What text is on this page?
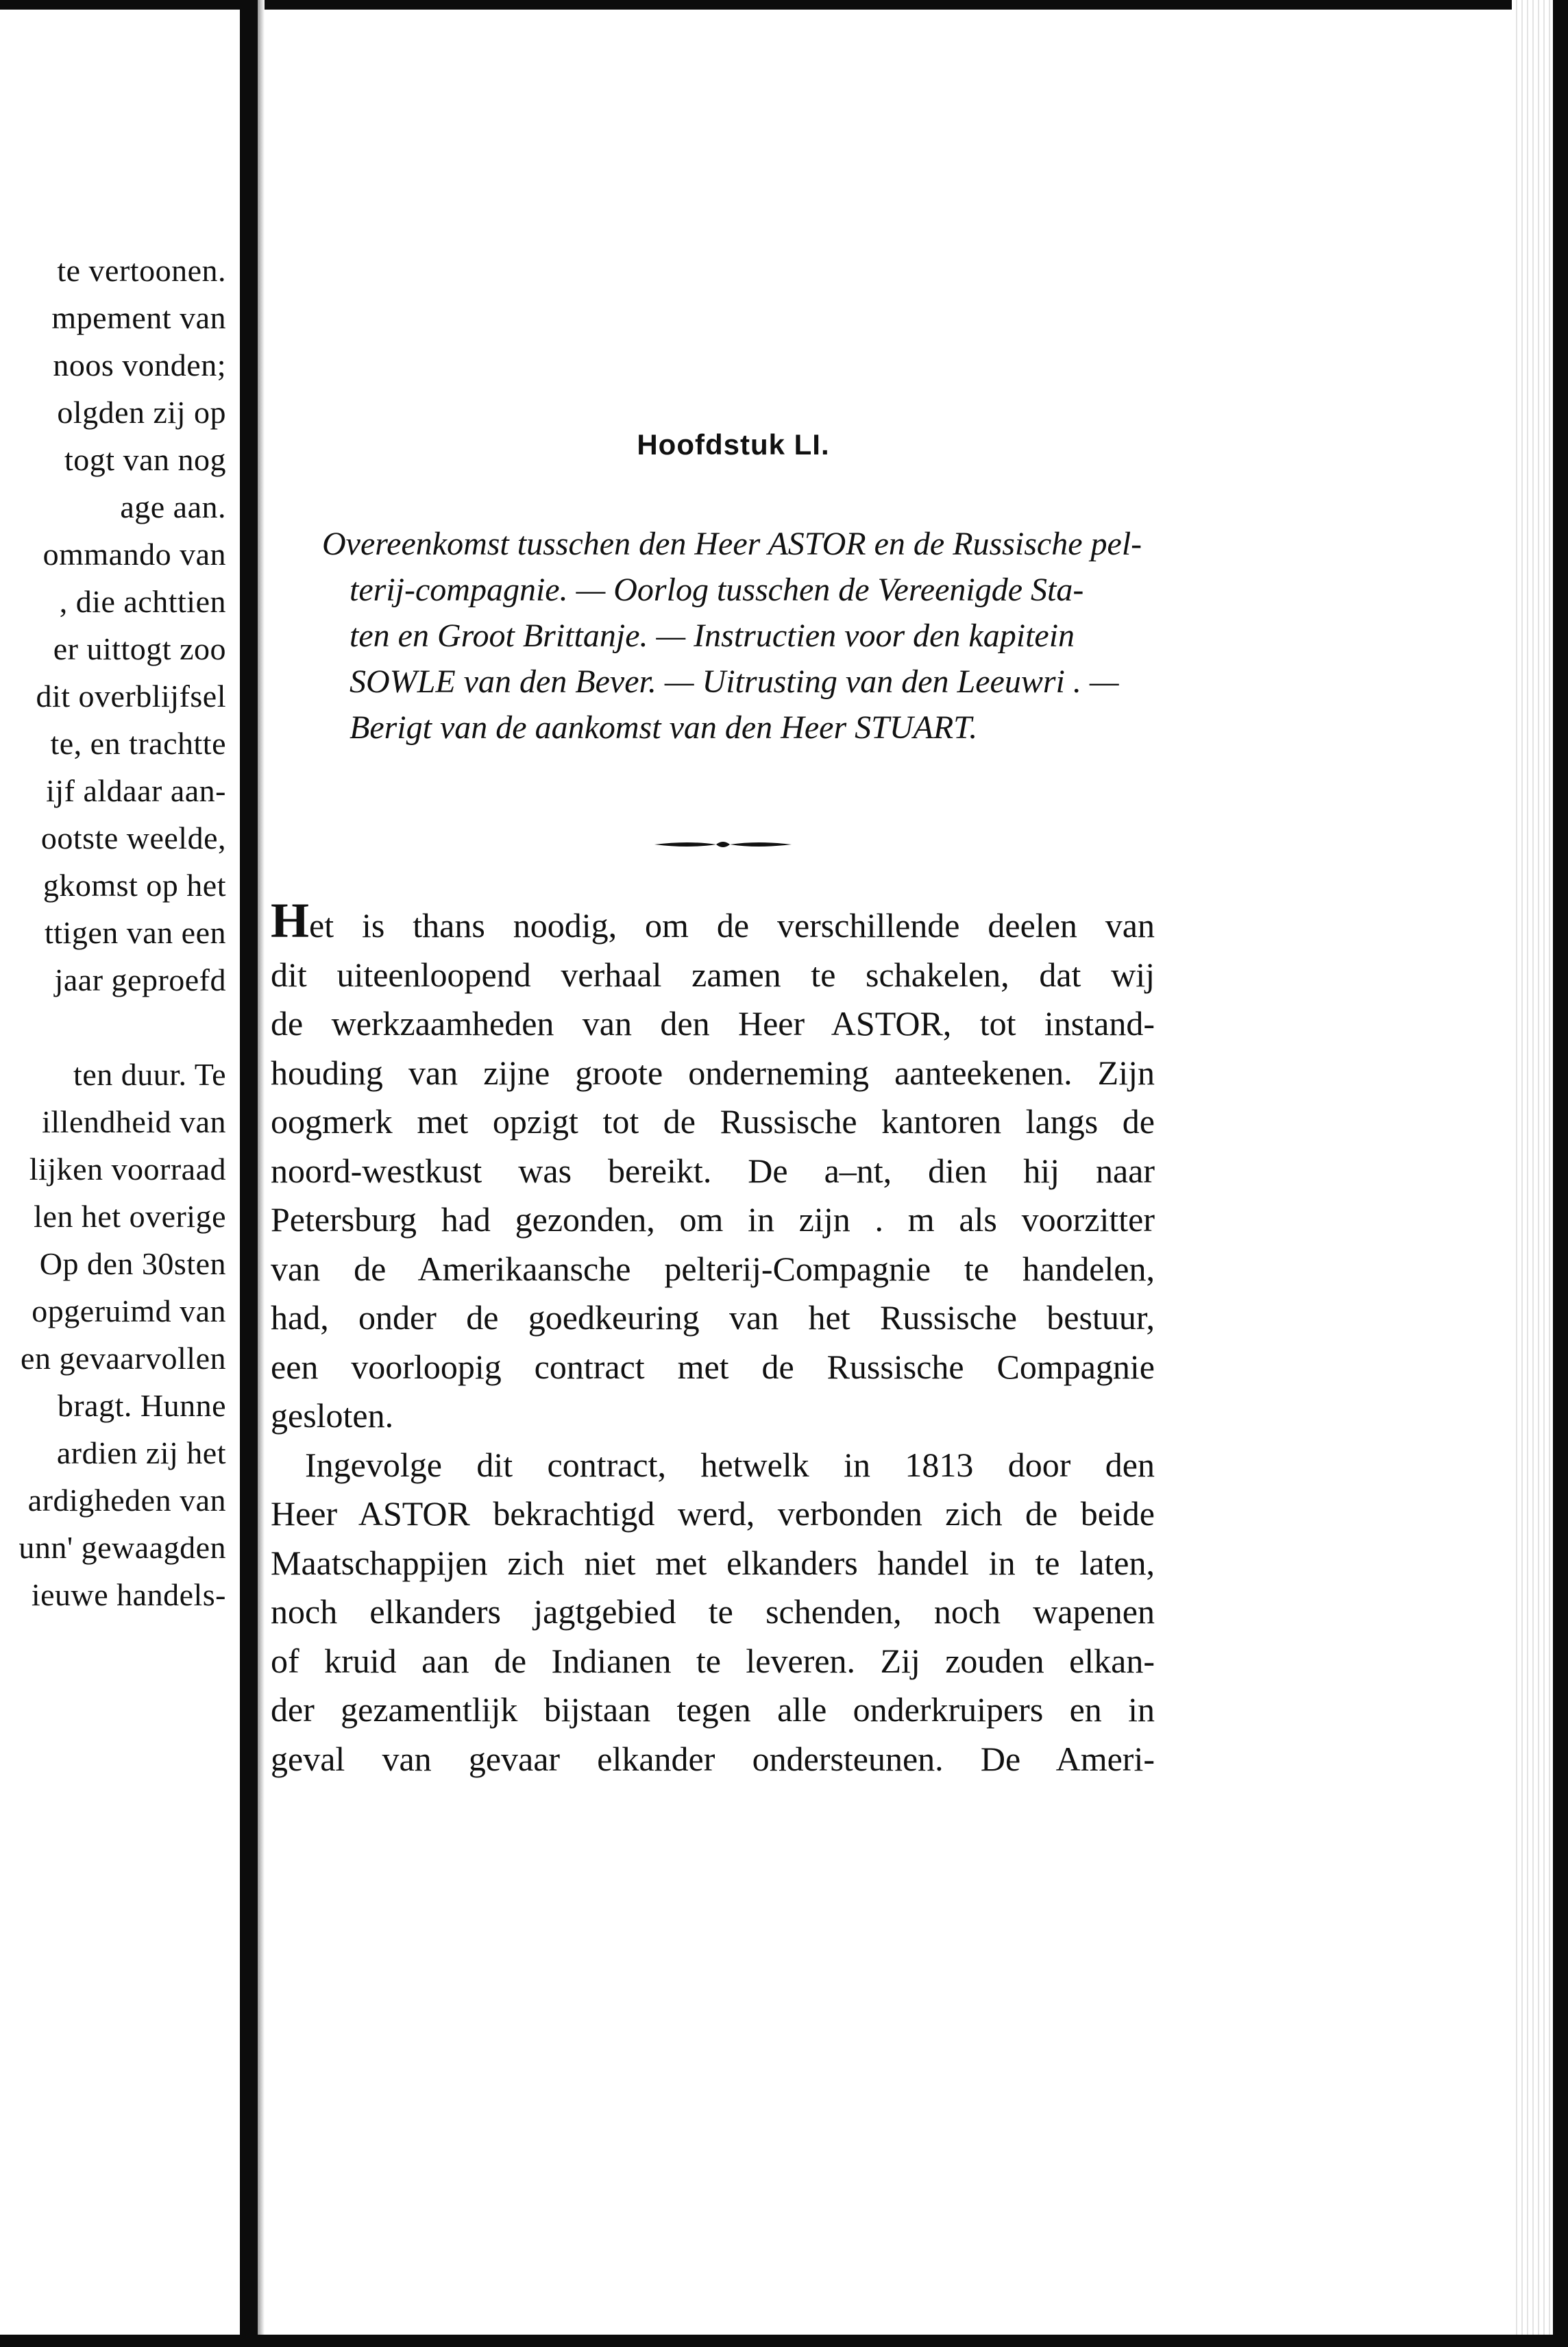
te vertoonen.
mpement van
noos vonden;
olgden zij op
togt van nog
age aan.
ommando van
, die achttien
er uittogt zoo
dit overblijfsel
te, en trachtte
ijf aldaar aan-
ootste weelde,
gkomst op het
ttigen van een
jaar geproefd
ten duur. Te
illendheid van
lijken voorraad
len het overige
Op den 30sten
opgeruimd van
en gevaarvollen
bragt. Hunne
ardien zij het
ardigheden van
unn' gewaagden
ieuwe handels-
Hoofdstuk LI.
Overeenkomst tusschen den Heer ASTOR en de Russische pel-
terij-compagnie. — Oorlog tusschen de Vereenigde Sta-
ten en Groot Brittanje. — Instructien voor den kapitein
SOWLE van den Bever. — Uitrusting van den Leeuwri . —
Berigt van de aankomst van den Heer STUART.
Het is thans noodig, om de verschillende deelen van
dit uiteenloopend verhaal zamen te schakelen, dat wij
de werkzaamheden van den Heer ASTOR, tot instand-
houding van zijne groote onderneming aanteekenen. Zijn
oogmerk met opzigt tot de Russische kantoren langs de
noord-westkust was bereikt. De a–nt, dien hij naar
Petersburg had gezonden, om in zijn . m als voorzitter
van de Amerikaansche pelterij-Compagnie te handelen,
had, onder de goedkeuring van het Russische bestuur,
een voorloopig contract met de Russische Compagnie
gesloten.
Ingevolge dit contract, hetwelk in 1813 door den
Heer ASTOR bekrachtigd werd, verbonden zich de beide
Maatschappijen zich niet met elkanders handel in te laten,
noch elkanders jagtgebied te schenden, noch wapenen
of kruid aan de Indianen te leveren. Zij zouden elkan-
der gezamentlijk bijstaan tegen alle onderkruipers en in
geval van gevaar elkander ondersteunen. De Ameri-
